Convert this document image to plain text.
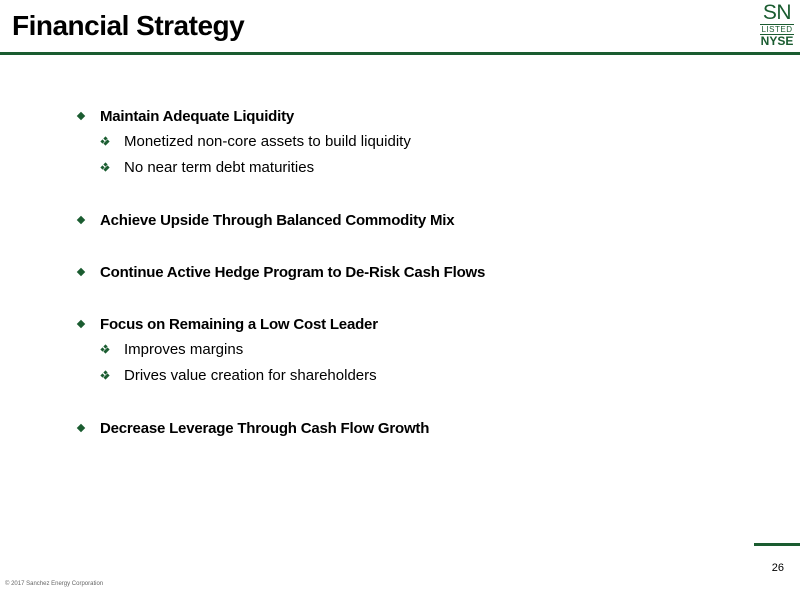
Financial Strategy	SN
LISTED
NYSE
Maintain Adequate Liquidity
Monetized non-core assets to build liquidity
No near term debt maturities
Achieve Upside Through Balanced Commodity Mix
Continue Active Hedge Program to De-Risk Cash Flows
Focus on Remaining a Low Cost Leader
Improves margins
Drives value creation for shareholders
Decrease Leverage Through Cash Flow Growth
26
© 2017 Sanchez Energy Corporation
